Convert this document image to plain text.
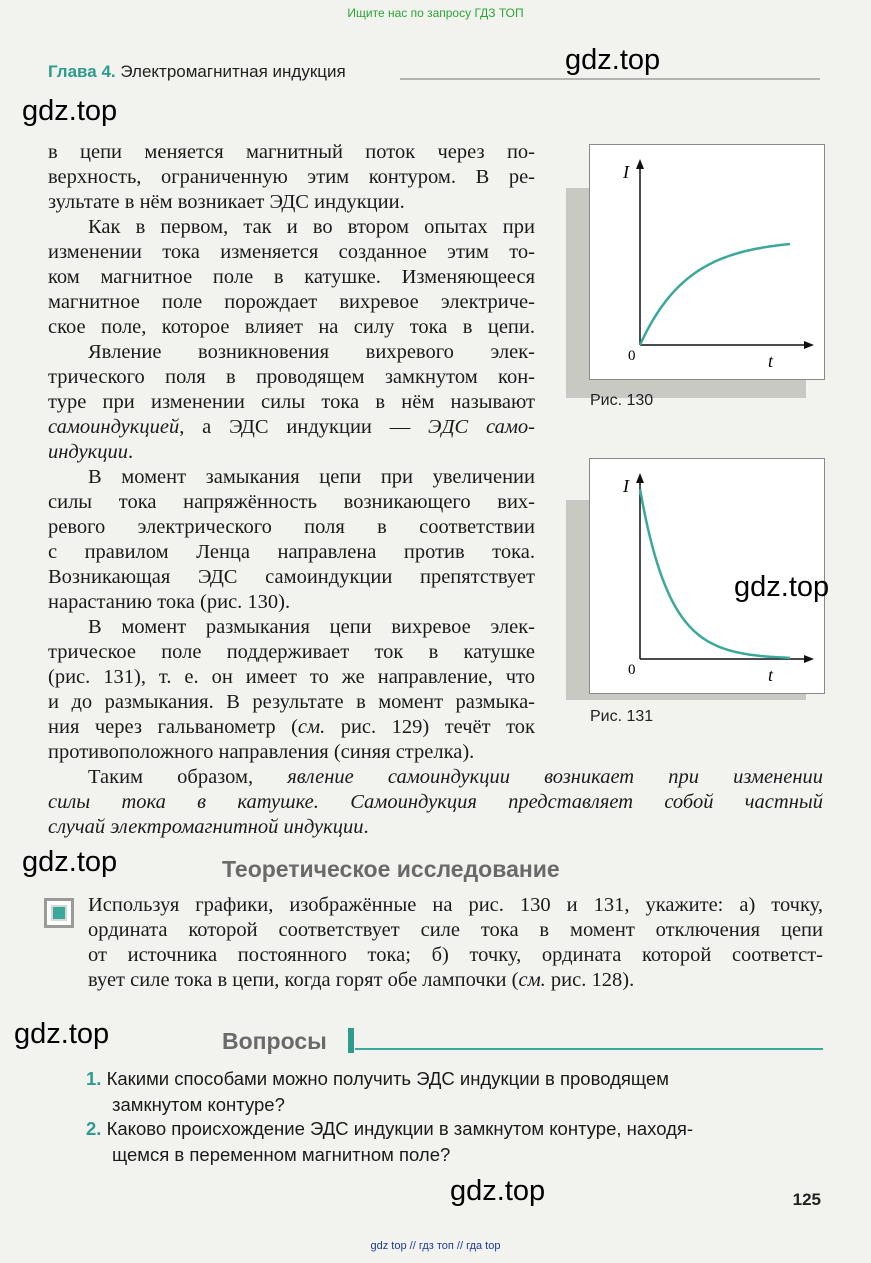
Ищите нас по запросу ГДЗ ТОП
gdz.top
gdz.top
gdz.top
gdz.top
gdz.top
gdz.top
Глава 4. Электромагнитная индукция
в цепи меняется магнитный поток через по-
верхность, ограниченную этим контуром. В ре-
зультате в нём возникает ЭДС индукции.
Как в первом, так и во втором опытах при
изменении тока изменяется созданное этим то-
ком магнитное поле в катушке. Изменяющееся
магнитное поле порождает вихревое электриче-
ское поле, которое влияет на силу тока в цепи.
Явление возникновения вихревого элек-
трического поля в проводящем замкнутом кон-
туре при изменении силы тока в нём называют
самоиндукцией, а ЭДС индукции — ЭДС само-
индукции.
В момент замыкания цепи при увеличении
силы тока напряжённость возникающего вих-
ревого электрического поля в соответствии
с правилом Ленца направлена против тока.
Возникающая ЭДС самоиндукции препятствует
нарастанию тока (рис. 130).
В момент размыкания цепи вихревое элек-
трическое поле поддерживает ток в катушке
(рис. 131), т. е. он имеет то же направление, что
и до размыкания. В результате в момент размыка-
ния через гальванометр (см. рис. 129) течёт ток
противоположного направления (синяя стрелка).
Таким образом, явление самоиндукции возникает при изменении
силы тока в катушке. Самоиндукция представляет собой частный
случай электромагнитной индукции.
I
t
0
Рис. 130
I
t
0
Рис. 131
Теоретическое исследование
Используя графики, изображённые на рис. 130 и 131, укажите: а) точку,
ордината которой соответствует силе тока в момент отключения цепи
от источника постоянного тока; б) точку, ордината которой соответст-
вует силе тока в цепи, когда горят обе лампочки (см. рис. 128).
Вопросы
1. Какими способами можно получить ЭДС индукции в проводящем
замкнутом контуре?
2. Каково происхождение ЭДС индукции в замкнутом контуре, находя-
щемся в переменном магнитном поле?
125
gdz top // гдз топ // гда top
